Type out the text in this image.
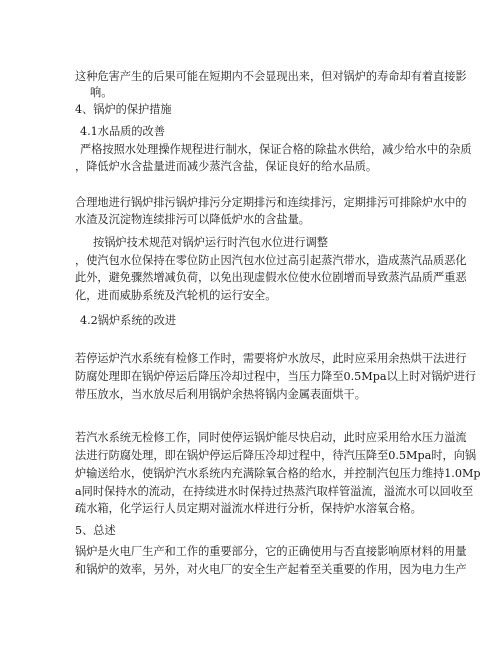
这种危害产生的后果可能在短期内不会显现出来，但对锅炉的寿命却有着直接影
响。
4、锅炉的保护措施
4.1水品质的改善
严格按照水处理操作规程进行制水，保证合格的除盐水供给，减少给水中的杂质
，降低炉水含盐量进而减少蒸汽含盐，保证良好的给水品质。
合理地进行锅炉排污锅炉排污分定期排污和连续排污，定期排污可排除炉水中的
水渣及沉淀物连续排污可以降低炉水的含盐量。
按锅炉技术规范对锅炉运行时汽包水位进行调整
，使汽包水位保持在零位防止因汽包水位过高引起蒸汽带水，造成蒸汽品质恶化
此外，避免骤然增减负荷，以免出现虚假水位使水位剧增而导致蒸汽品质严重恶
化，进而威胁系统及汽轮机的运行安全。
4.2锅炉系统的改进
若停运炉汽水系统有检修工作时，需要将炉水放尽，此时应采用余热烘干法进行
防腐处理即在锅炉停运后降压冷却过程中，当压力降至0.5Mpa以上时对锅炉进行
带压放水，当水放尽后利用锅炉余热将锅内金属表面烘干。
若汽水系统无检修工作，同时使停运锅炉能尽快启动，此时应采用给水压力溢流
法进行防腐处理，即在锅炉停运后降压冷却过程中，待汽压降至0.5Mpa时，向锅
炉输送给水，使锅炉汽水系统内充满除氧合格的给水，并控制汽包压力维持1.0Mp
a同时保持水的流动，在持续进水时保持过热蒸汽取样管溢流，溢流水可以回收至
疏水箱，化学运行人员定期对溢流水样进行分析，保持炉水溶氧合格。
5、总述
锅炉是火电厂生产和工作的重要部分，它的正确使用与否直接影响原材料的用量
和锅炉的效率，另外，对火电厂的安全生产起着至关重要的作用，因为电力生产
